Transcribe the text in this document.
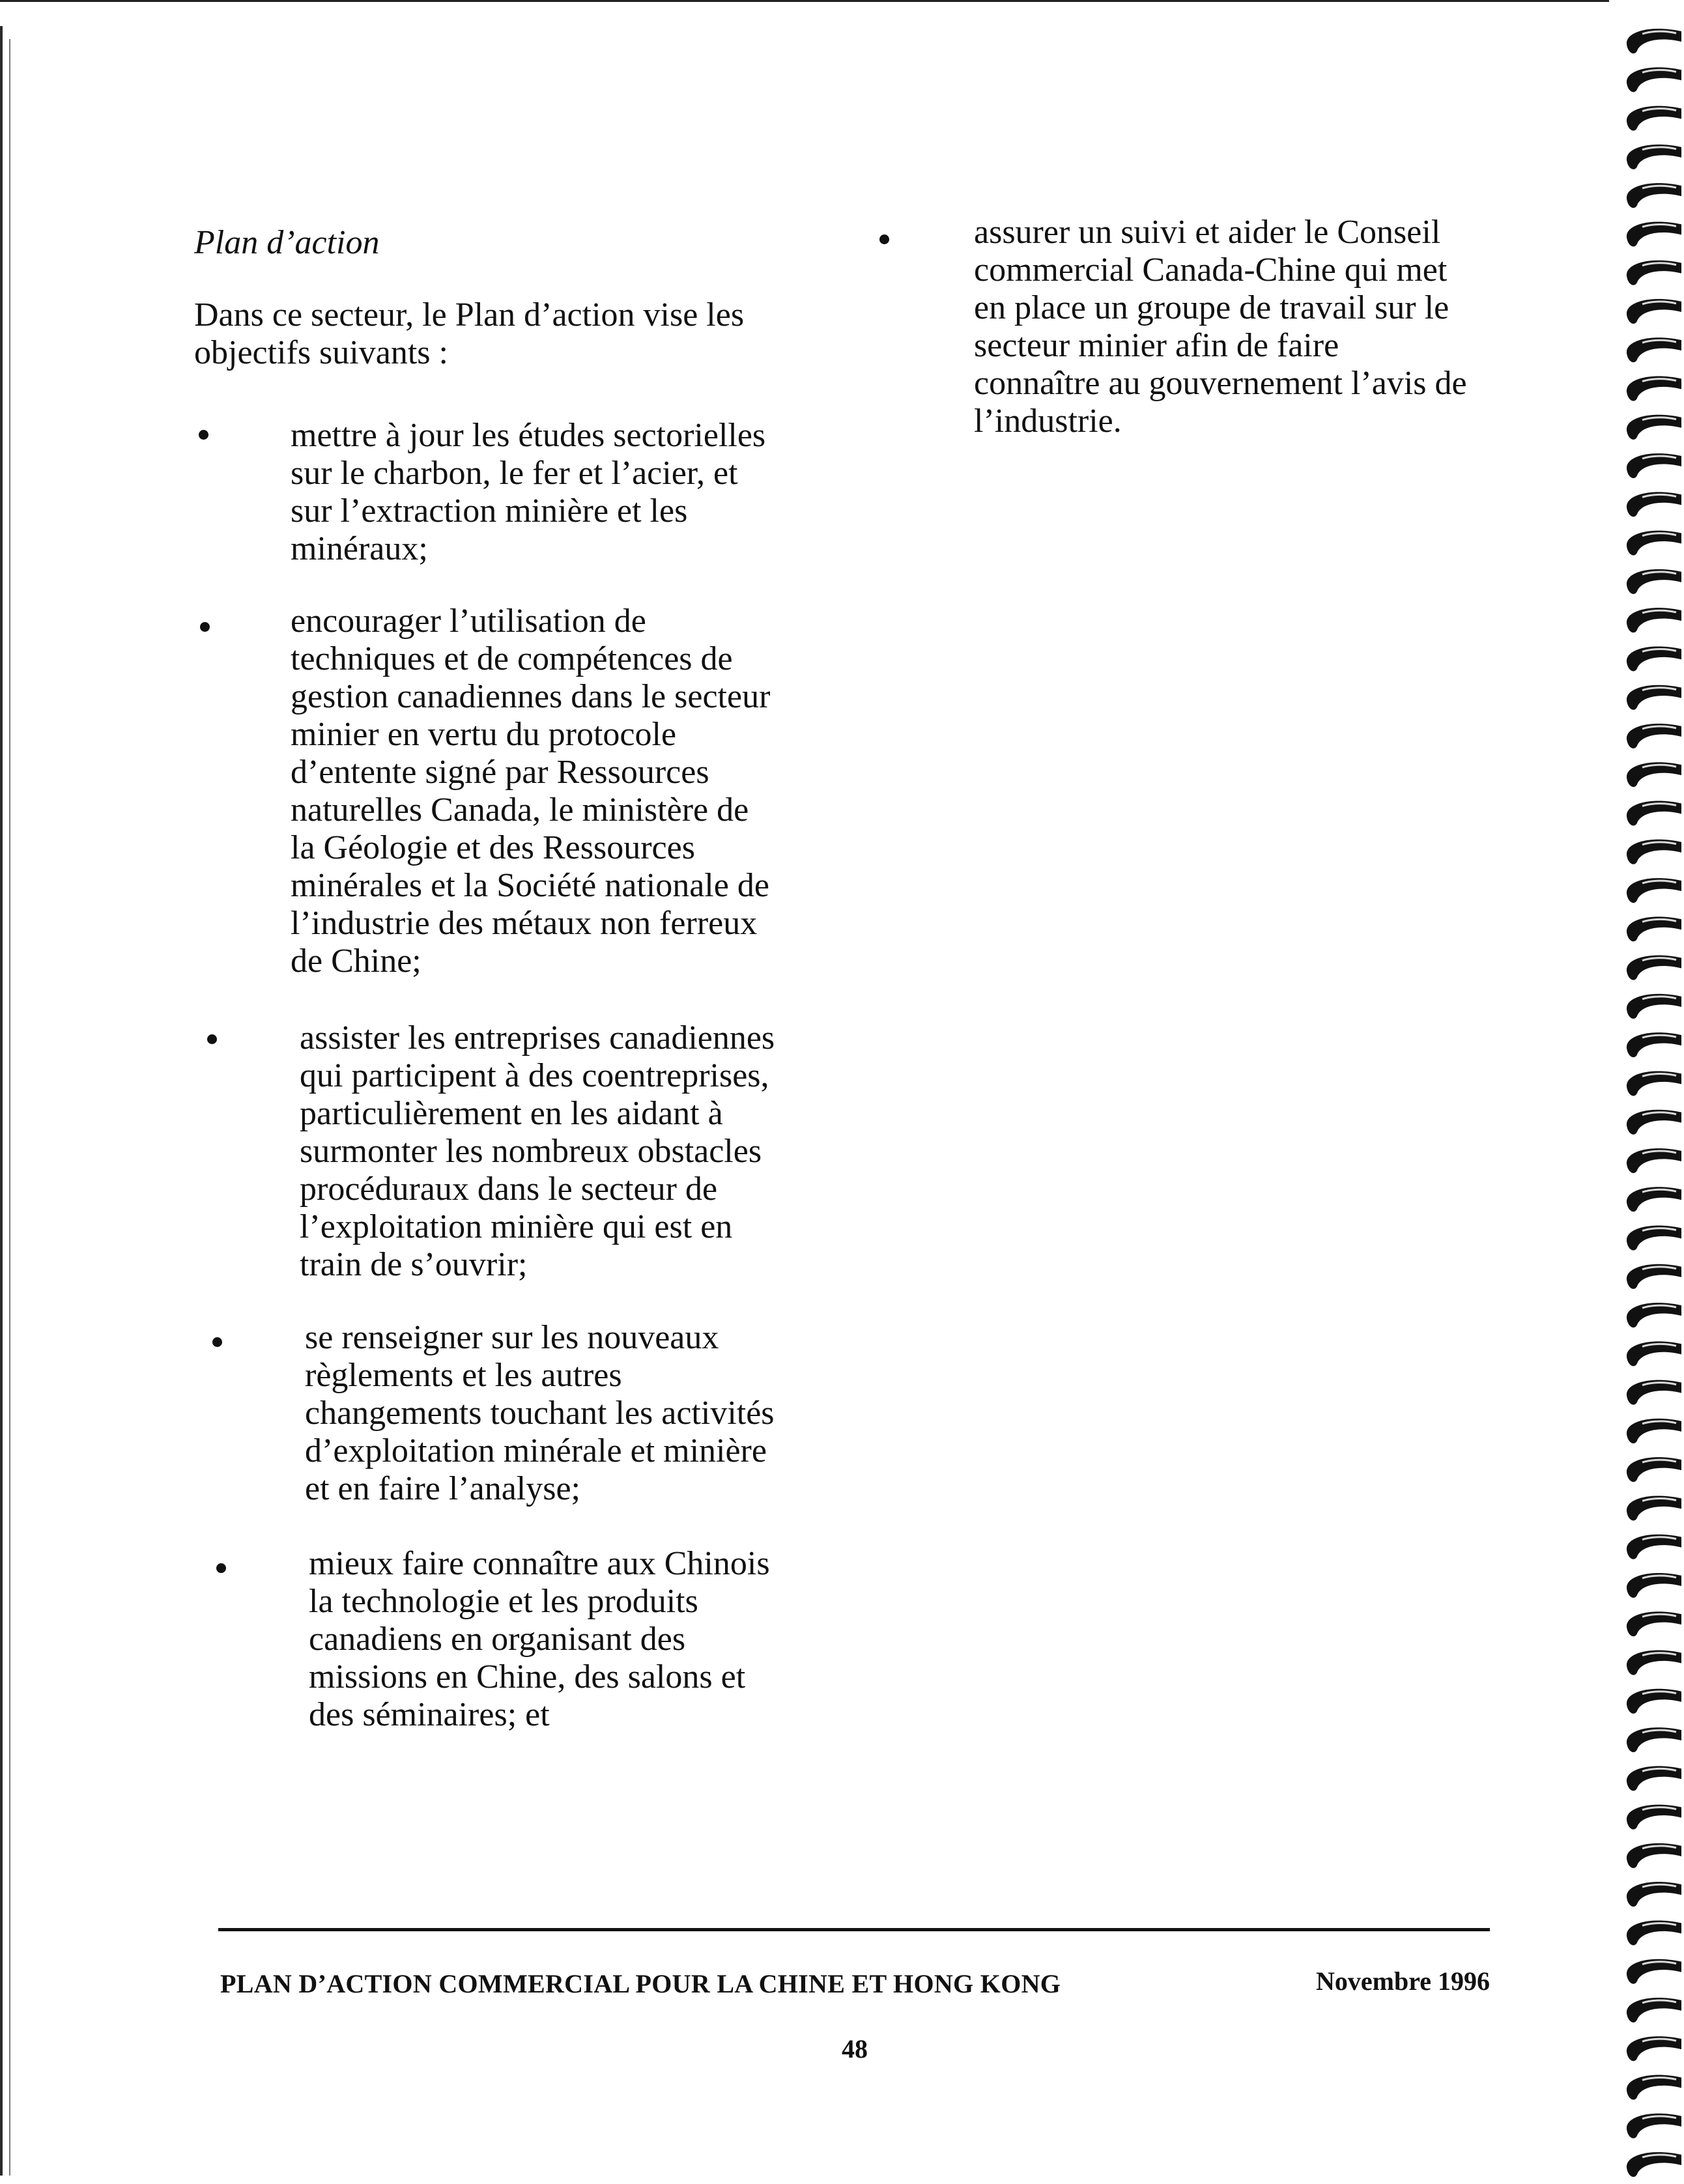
Plan d’action
Dans ce secteur, le Plan d’action vise les
objectifs suivants :
mettre à jour les études sectorielles
sur le charbon, le fer et l’acier, et
sur l’extraction minière et les
minéraux;
encourager l’utilisation de
techniques et de compétences de
gestion canadiennes dans le secteur
minier en vertu du protocole
d’entente signé par Ressources
naturelles Canada, le ministère de
la Géologie et des Ressources
minérales et la Société nationale de
l’industrie des métaux non ferreux
de Chine;
assister les entreprises canadiennes
qui participent à des coentreprises,
particulièrement en les aidant à
surmonter les nombreux obstacles
procéduraux dans le secteur de
l’exploitation minière qui est en
train de s’ouvrir;
se renseigner sur les nouveaux
règlements et les autres
changements touchant les activités
d’exploitation minérale et minière
et en faire l’analyse;
mieux faire connaître aux Chinois
la technologie et les produits
canadiens en organisant des
missions en Chine, des salons et
des séminaires; et
assurer un suivi et aider le Conseil
commercial Canada-Chine qui met
en place un groupe de travail sur le
secteur minier afin de faire
connaître au gouvernement l’avis de
l’industrie.
PLAN D’ACTION COMMERCIAL POUR LA CHINE ET HONG KONG	Novembre 1996
48
